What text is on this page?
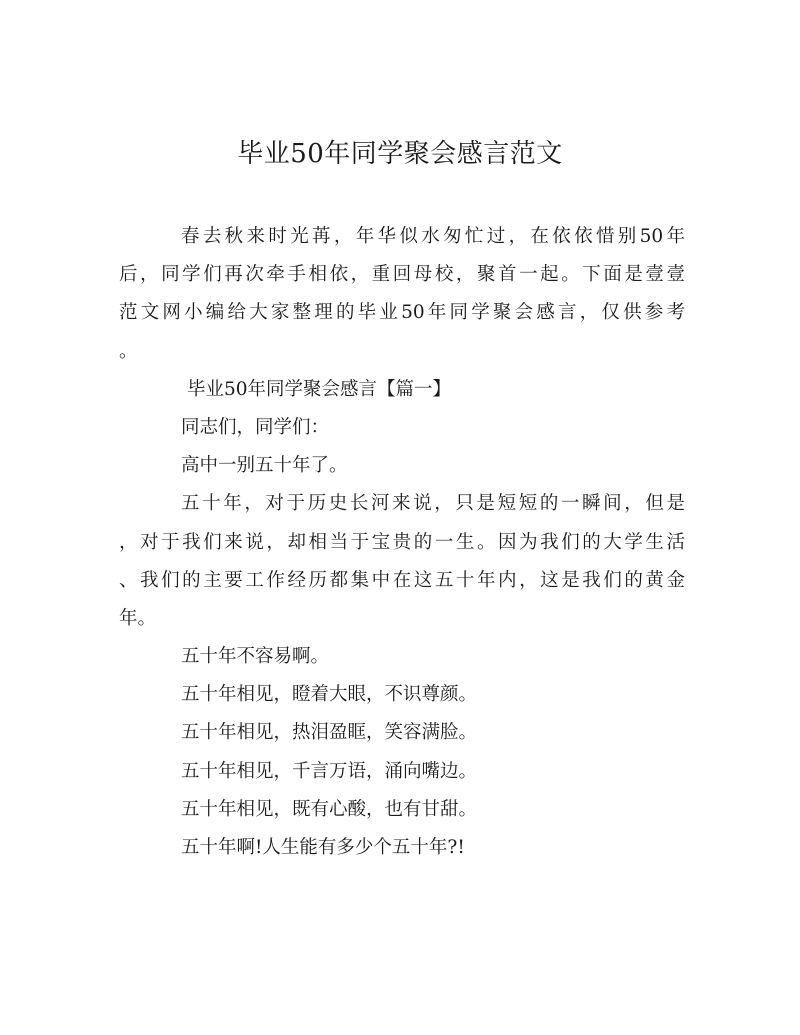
毕业50年同学聚会感言范文
春去秋来时光苒，年华似水匆忙过，在依依惜别50年
后，同学们再次牵手相依，重回母校，聚首一起。下面是壹壹
范文网小编给大家整理的毕业50年同学聚会感言，仅供参考
。
毕业50年同学聚会感言【篇一】
同志们，同学们：
高中一别五十年了。
五十年，对于历史长河来说，只是短短的一瞬间，但是
，对于我们来说，却相当于宝贵的一生。因为我们的大学生活
、我们的主要工作经历都集中在这五十年内，这是我们的黄金
年。
五十年不容易啊。
五十年相见，瞪着大眼，不识尊颜。
五十年相见，热泪盈眶，笑容满脸。
五十年相见，千言万语，涌向嘴边。
五十年相见，既有心酸，也有甘甜。
五十年啊!人生能有多少个五十年?!
